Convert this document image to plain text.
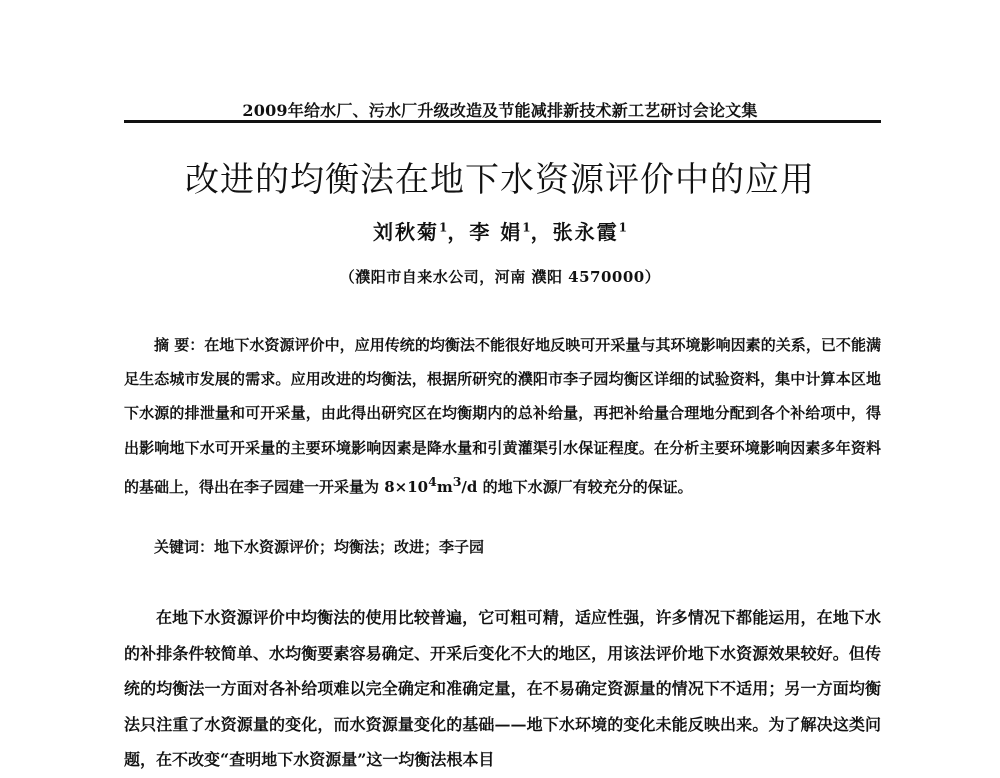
2009年给水厂、污水厂升级改造及节能减排新技术新工艺研讨会论文集
改进的均衡法在地下水资源评价中的应用
刘秋菊$^1$，李 娟$^1$，张永霞$^1$
（濮阳市自来水公司，河南 濮阳 4570000）
摘 要：在地下水资源评价中，应用传统的均衡法不能很好地反映可开采量与其环境影响因素的关系，已不能满足生态城市发展的需求。应用改进的均衡法，根据所研究的濮阳市李子园均衡区详细的试验资料，集中计算本区地下水源的排泄量和可开采量，由此得出研究区在均衡期内的总补给量，再把补给量合理地分配到各个补给项中，得出影响地下水可开采量的主要环境影响因素是降水量和引黄灌渠引水保证程度。在分析主要环境影响因素多年资料的基础上，得出在李子园建一开采量为 $8\times 10^4m^3/d$ 的地下水源厂有较充分的保证。
关键词：地下水资源评价；均衡法；改进；李子园
在地下水资源评价中均衡法的使用比较普遍，它可粗可精，适应性强，许多情况下都能运用，在地下水的补排条件较简单、水均衡要素容易确定、开采后变化不大的地区，用该法评价地下水资源效果较好。但传统的均衡法一方面对各补给项难以完全确定和准确定量，在不易确定资源量的情况下不适用；另一方面均衡法只注重了水资源量的变化，而水资源量变化的基础——地下水环境的变化未能反映出来。为了解决这类问题，在不改变“查明地下水资源量”这一均衡法根本目
